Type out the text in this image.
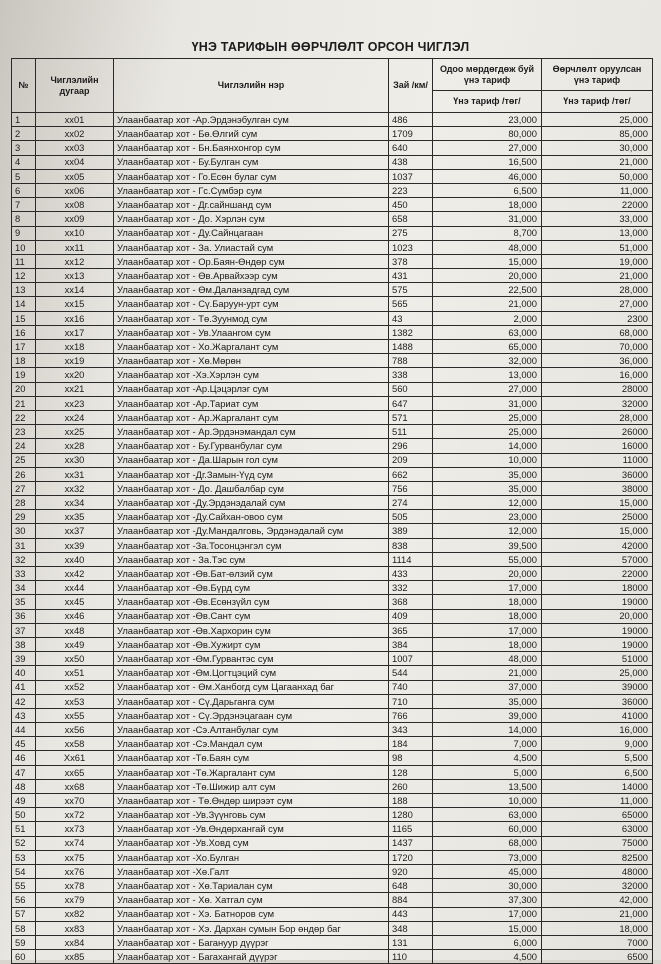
ҮНЭ ТАРИФЫН ӨӨРЧЛӨЛТ ОРСОН ЧИГЛЭЛ
№	Чиглэлийн дугаар	Чиглэлийн нэр	Зай /км/	Одоо мөрдөгдөж буй үнэ тариф	Өөрчлөлт оруулсан үнэ тариф
				Үнэ тариф /төг/	Үнэ тариф /төг/
1	xx01	Улаанбаатар хот -Ар.Эрдэнэбулган сум	486	23,000	25,000
2	xx02	Улаанбаатар хот - Бө.Өлгий сум	1709	80,000	85,000
3	xx03	Улаанбаатар хот - Бн.Баянхонгор сум	640	27,000	30,000
4	xx04	Улаанбаатар хот - Бу.Булган сум	438	16,500	21,000
5	xx05	Улаанбаатар хот - Го.Есөн булаг сум	1037	46,000	50,000
6	xx06	Улаанбаатар хот - Гс.Сүмбэр сум	223	6,500	11,000
7	xx08	Улаанбаатар хот - Дг.сайншанд сум	450	18,000	22000
8	xx09	Улаанбаатар хот - До. Хэрлэн сум	658	31,000	33,000
9	xx10	Улаанбаатар хот - Ду.Сайнцагаан	275	8,700	13,000
10	xx11	Улаанбаатар хот - За. Улиастай сум	1023	48,000	51,000
11	xx12	Улаанбаатар хот - Ор.Баян-Өндөр сум	378	15,000	19,000
12	xx13	Улаанбаатар хот - Өв.Арвайхээр сум	431	20,000	21,000
13	xx14	Улаанбаатар хот - Өм.Даланзадгад сум	575	22,500	28,000
14	xx15	Улаанбаатар хот - Сү.Баруун-урт сум	565	21,000	27,000
15	xx16	Улаанбаатар хот - Тө.Зуунмод сум	43	2,000	2300
16	xx17	Улаанбаатар хот - Ув.Улаангом сум	1382	63,000	68,000
17	xx18	Улаанбаатар хот - Хо.Жаргалант сум	1488	65,000	70,000
18	xx19	Улаанбаатар хот - Хө.Мөрөн	788	32,000	36,000
19	xx20	Улаанбаатар хот -Хэ.Хэрлэн сум	338	13,000	16,000
20	xx21	Улаанбаатар хот -Ар.Цэцэрлэг сум	560	27,000	28000
21	xx23	Улаанбаатар хот -Ар.Тариат сум	647	31,000	32000
22	xx24	Улаанбаатар хот - Ар.Жаргалант сум	571	25,000	28,000
23	xx25	Улаанбаатар хот - Ар.Эрдэнэмандал сум	511	25,000	26000
24	xx28	Улаанбаатар хот - Бу.Гурванбулаг сум	296	14,000	16000
25	xx30	Улаанбаатар хот - Да.Шарын гол сум	209	10,000	11000
26	xx31	Улаанбаатар хот -Дг.Замын-Үүд сум	662	35,000	36000
27	xx32	Улаанбаатар хот - До. Дашбалбар сум	756	35,000	38000
28	xx34	Улаанбаатар хот -Ду.Эрдэнэдалай сум	274	12,000	15,000
29	xx35	Улаанбаатар хот -Ду.Сайхан-овоо сум	505	23,000	25000
30	xx37	Улаанбаатар хот -Ду.Мандалговь, Эрдэнэдалай сум	389	12,000	15,000
31	xx39	Улаанбаатар хот -За.Тосонцэнгэл сум	838	39,500	42000
32	xx40	Улаанбаатар хот - За.Тэс сум	1114	55,000	57000
33	xx42	Улаанбаатар хот -Өв.Бат-өлзий сум	433	20,000	22000
34	xx44	Улаанбаатар хот -Өв.Бүрд сум	332	17,000	18000
35	xx45	Улаанбаатар хот -Өв.Есөнзүйл сум	368	18,000	19000
36	xx46	Улаанбаатар хот -Өв.Сант сум	409	18,000	20,000
37	xx48	Улаанбаатар хот -Өв.Хархорин сум	365	17,000	19000
38	xx49	Улаанбаатар хот -Өв.Хужирт сум	384	18,000	19000
39	xx50	Улаанбаатар хот -Өм.Гурвантэс сум	1007	48,000	51000
40	xx51	Улаанбаатар хот -Өм.Цогтцэций сум	544	21,000	25,000
41	xx52	Улаанбаатар хот - Өм.Ханбогд сум Цагаанхад баг	740	37,000	39000
42	xx53	Улаанбаатар хот - Сү.Дарьганга сум	710	35,000	36000
43	xx55	Улаанбаатар хот - Сү.Эрдэнэцагаан сум	766	39,000	41000
44	xx56	Улаанбаатар хот -Сэ.Алтанбулаг сум	343	14,000	16,000
45	xx58	Улаанбаатар хот -Сэ.Мандал сум	184	7,000	9,000
46	Xx61	Улаанбаатар хот -Тө.Баян сум	98	4,500	5,500
47	xx65	Улаанбаатар хот -Тө.Жаргалант сум	128	5,000	6,500
48	xx68	Улаанбаатар хот -Тө.Шижир алт сум	260	13,500	14000
49	xx70	Улаанбаатар хот - Тө.Өндөр ширээт сум	188	10,000	11,000
50	xx72	Улаанбаатар хот -Ув.Зүүнговь сум	1280	63,000	65000
51	xx73	Улаанбаатар хот -Ув.Өндөрхангай сум	1165	60,000	63000
52	xx74	Улаанбаатар хот -Ув.Ховд сум	1437	68,000	75000
53	xx75	Улаанбаатар хот -Хо.Булган	1720	73,000	82500
54	xx76	Улаанбаатар хот -Хө.Галт	920	45,000	48000
55	xx78	Улаанбаатар хот - Хө.Тариалан сум	648	30,000	32000
56	xx79	Улаанбаатар хот - Хө. Хатгал сум	884	37,300	42,000
57	xx82	Улаанбаатар хот - Хэ. Батноров сум	443	17,000	21,000
58	xx83	Улаанбаатар хот - Хэ. Дархан сумын Бор өндөр баг	348	15,000	18,000
59	xx84	Улаанбаатар хот - Багануур дүүрэг	131	6,000	7000
60	xx85	Улаанбаатар хот - Багахангай дүүрэг	110	4,500	6500
